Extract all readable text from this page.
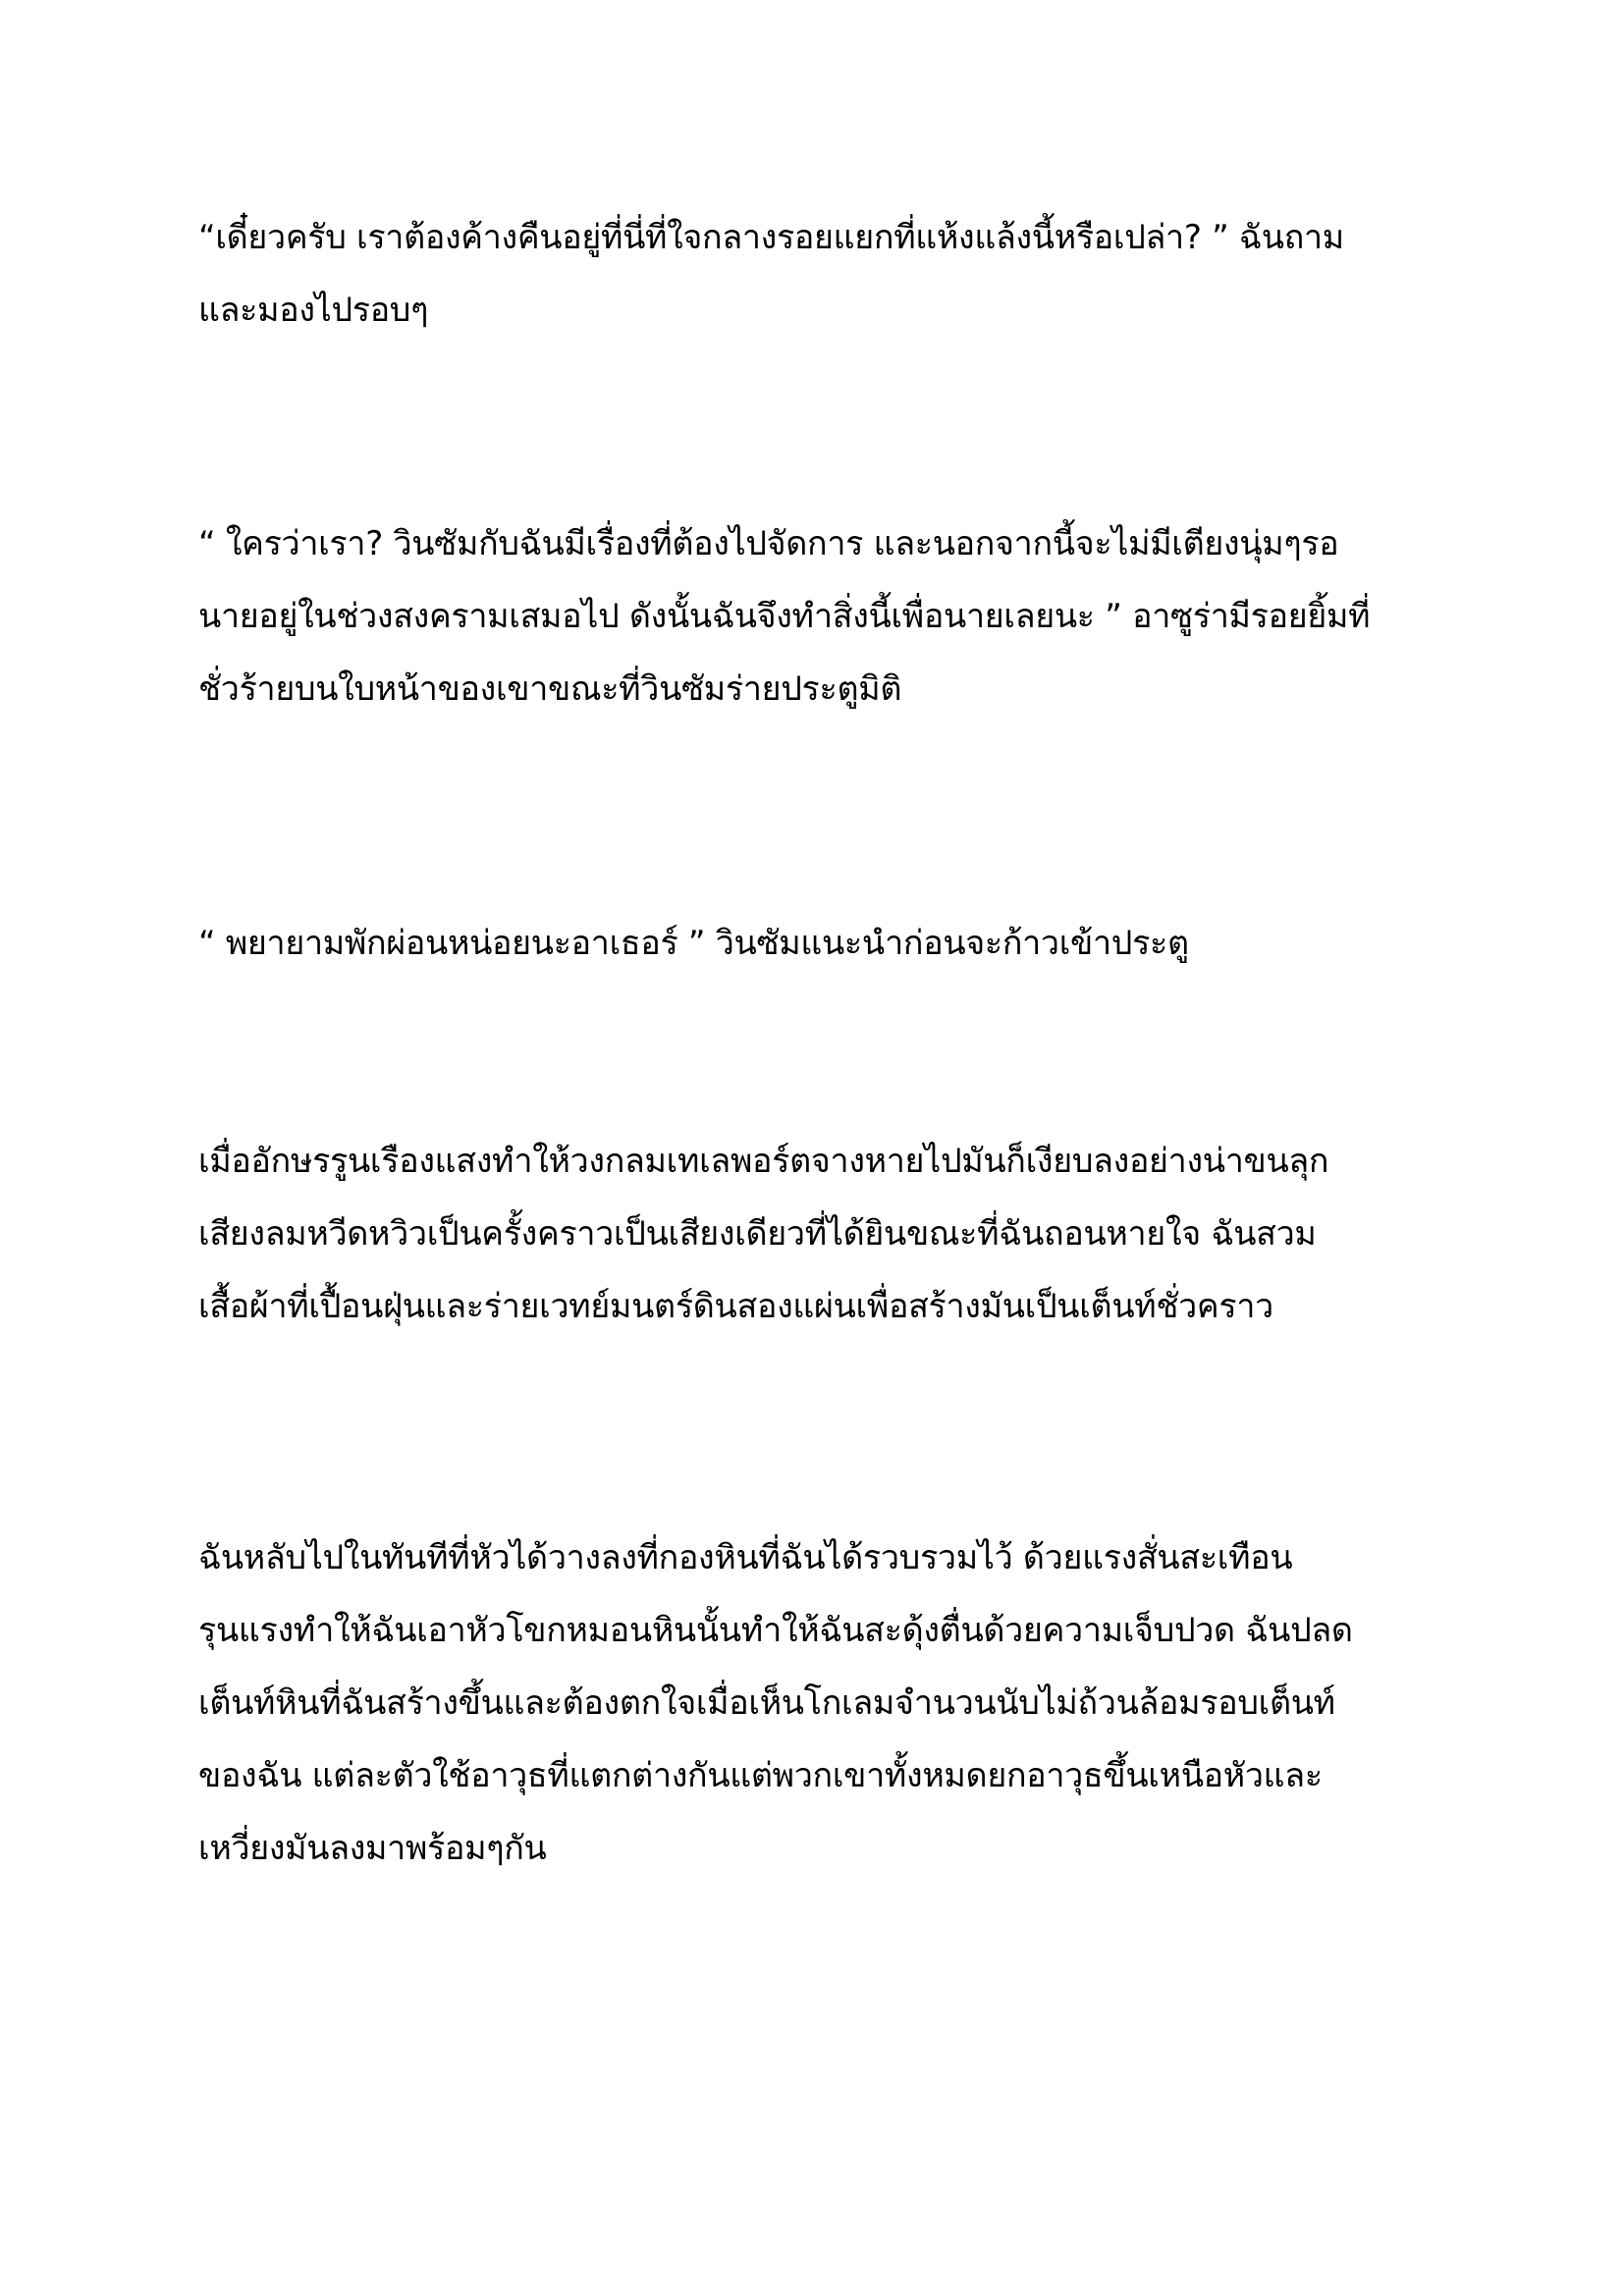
“เดี๋ยวครับ เราต้องค้างคืนอยู่ที่นี่ที่ใจกลางรอยแยกที่แห้งแล้งนี้หรือเปล่า? ” ฉันถาม
และมองไปรอบๆ
“ ใครว่าเรา? วินซัมกับฉันมีเรื่องที่ต้องไปจัดการ และนอกจากนี้จะไม่มีเตียงนุ่มๆรอ
นายอยู่ในช่วงสงครามเสมอไป ดังนั้นฉันจึงทำสิ่งนี้เพื่อนายเลยนะ ” อาซูร่ามีรอยยิ้มที่
ชั่วร้ายบนใบหน้าของเขาขณะที่วินซัมร่ายประตูมิติ
“ พยายามพักผ่อนหน่อยนะอาเธอร์ ” วินซัมแนะนำก่อนจะก้าวเข้าประตู
เมื่ออักษรรูนเรืองแสงทำให้วงกลมเทเลพอร์ตจางหายไปมันก็เงียบลงอย่างน่าขนลุก
เสียงลมหวีดหวิวเป็นครั้งคราวเป็นเสียงเดียวที่ได้ยินขณะที่ฉันถอนหายใจ ฉันสวม
เสื้อผ้าที่เปื้อนฝุ่นและร่ายเวทย์มนตร์ดินสองแผ่นเพื่อสร้างมันเป็นเต็นท์ชั่วคราว
ฉันหลับไปในทันทีที่หัวได้วางลงที่กองหินที่ฉันได้รวบรวมไว้ ด้วยแรงสั่นสะเทือน
รุนแรงทำให้ฉันเอาหัวโขกหมอนหินนั้นทำให้ฉันสะดุ้งตื่นด้วยความเจ็บปวด ฉันปลด
เต็นท์หินที่ฉันสร้างขึ้นและต้องตกใจเมื่อเห็นโกเลมจำนวนนับไม่ถ้วนล้อมรอบเต็นท์
ของฉัน แต่ละตัวใช้อาวุธที่แตกต่างกันแต่พวกเขาทั้งหมดยกอาวุธขึ้นเหนือหัวและ
เหวี่ยงมันลงมาพร้อมๆกัน
